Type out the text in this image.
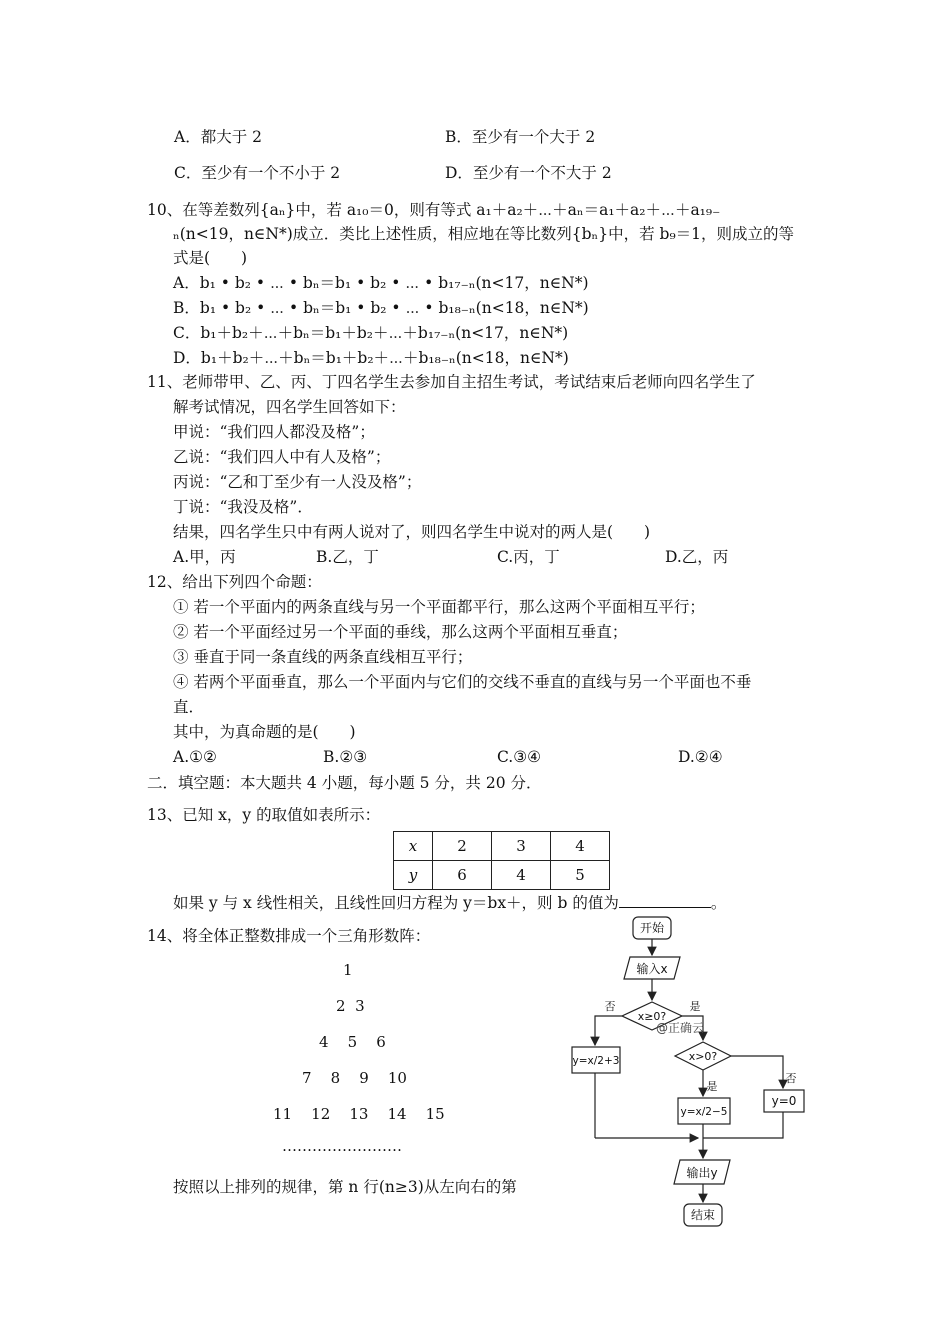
A．都大于 2	B．至少有一个大于 2
C．至少有一个不小于 2	D．至少有一个不大于 2
10、在等差数列{aₙ}中，若 a₁₀＝0，则有等式 a₁＋a₂＋⋯＋aₙ＝a₁＋a₂＋⋯＋a₁₉₋
ₙ(n<19，n∈N*)成立．类比上述性质，相应地在等比数列{bₙ}中，若 b₉＝1，则成立的等
式是(　　)
A．b₁ • b₂ • ⋯ • bₙ＝b₁ • b₂ • ⋯ • b₁₇₋ₙ(n<17，n∈N*)
B．b₁ • b₂ • ⋯ • bₙ＝b₁ • b₂ • ⋯ • b₁₈₋ₙ(n<18，n∈N*)
C．b₁＋b₂＋⋯＋bₙ＝b₁＋b₂＋⋯＋b₁₇₋ₙ(n<17，n∈N*)
D．b₁＋b₂＋⋯＋bₙ＝b₁＋b₂＋⋯＋b₁₈₋ₙ(n<18，n∈N*)
11、老师带甲、乙、丙、丁四名学生去参加自主招生考试，考试结束后老师向四名学生了
解考试情况，四名学生回答如下：
甲说：“我们四人都没及格”；
乙说：“我们四人中有人及格”；
丙说：“乙和丁至少有一人没及格”；
丁说：“我没及格”．
结果，四名学生只中有两人说对了，则四名学生中说对的两人是(　　)
A.甲，丙	B.乙，丁	C.丙，丁	D.乙，丙
12、给出下列四个命题：
① 若一个平面内的两条直线与另一个平面都平行，那么这两个平面相互平行；
② 若一个平面经过另一个平面的垂线，那么这两个平面相互垂直；
③ 垂直于同一条直线的两条直线相互平行；
④ 若两个平面垂直，那么一个平面内与它们的交线不垂直的直线与另一个平面也不垂
直．
其中，为真命题的是(　　)
A.①②	B.②③	C.③④	D.②④
二．填空题：本大题共 4 小题，每小题 5 分，共 20 分．
13、已知 x，y 的取值如表所示：
x	2	3	4
y	6	4	5
如果 y 与 x 线性相关，且线性回归方程为 y＝bx＋，则 b 的值为	。
14、将全体正整数排成一个三角形数阵：
1
2  3
4    5    6
7    8    9    10
11    12    13    14    15
……………………
按照以上排列的规律，第 n 行(n≥3)从左向右的第
开始
输入x
x≥0?
否	是
@正确云
y=x/2+3	x>0?
是
否
y=x/2−5
y=0
输出y
结束
